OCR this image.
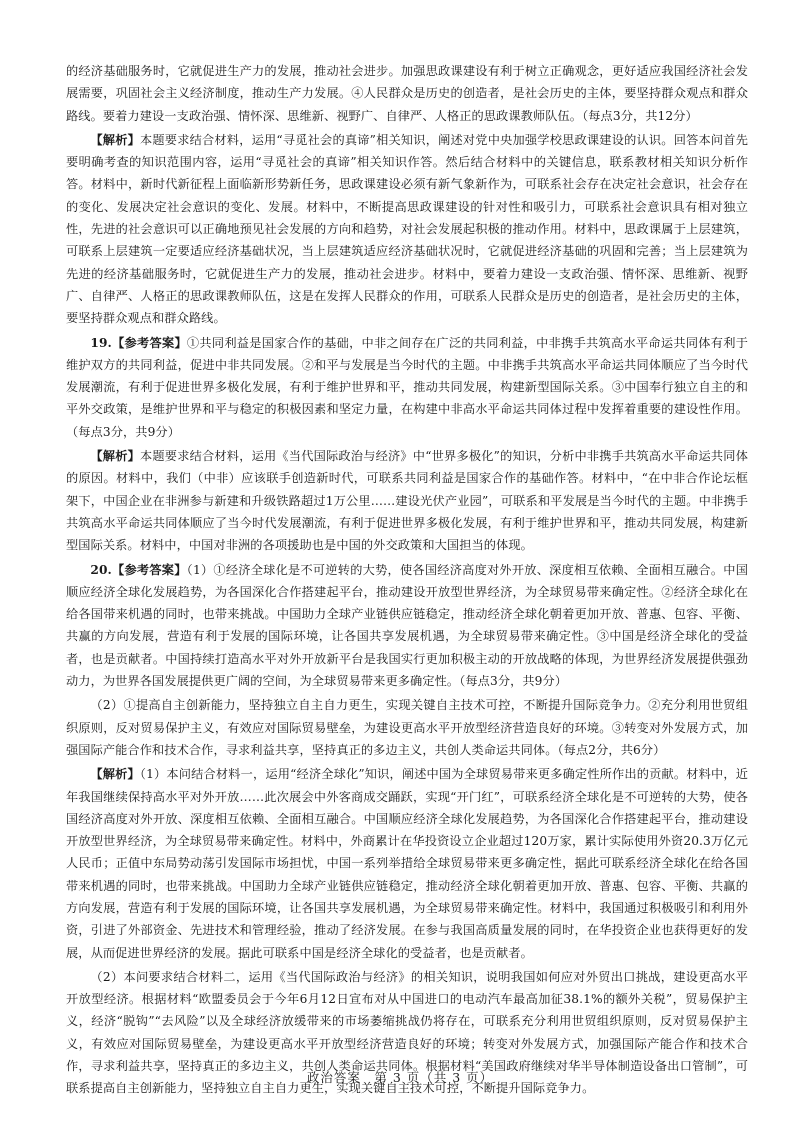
的经济基础服务时，它就促进生产力的发展，推动社会进步。加强思政课建设有利于树立正确观念，更好适应我国经济社会发展需要，巩固社会主义经济制度，推动生产力发展。④人民群众是历史的创造者，是社会历史的主体，要坚持群众观点和群众路线。要着力建设一支政治强、情怀深、思维新、视野广、自律严、人格正的思政课教师队伍。（每点3分，共12分）

【解析】本题要求结合材料，运用“寻觅社会的真谛”相关知识，阐述对党中央加强学校思政课建设的认识。回答本问首先要明确考查的知识范围内容，运用“寻觅社会的真谛”相关知识作答。然后结合材料中的关键信息，联系教材相关知识分析作答。材料中，新时代新征程上面临新形势新任务，思政课建设必须有新气象新作为，可联系社会存在决定社会意识，社会存在的变化、发展决定社会意识的变化、发展。材料中，不断提高思政课建设的针对性和吸引力，可联系社会意识具有相对独立性，先进的社会意识可以正确地预见社会发展的方向和趋势，对社会发展起积极的推动作用。材料中，思政课属于上层建筑，可联系上层建筑一定要适应经济基础状况，当上层建筑适应经济基础状况时，它就促进经济基础的巩固和完善；当上层建筑为先进的经济基础服务时，它就促进生产力的发展，推动社会进步。材料中，要着力建设一支政治强、情怀深、思维新、视野广、自律严、人格正的思政课教师队伍，这是在发挥人民群众的作用，可联系人民群众是历史的创造者，是社会历史的主体，要坚持群众观点和群众路线。

19.【参考答案】①共同利益是国家合作的基础，中非之间存在广泛的共同利益，中非携手共筑高水平命运共同体有利于维护双方的共同利益，促进中非共同发展。②和平与发展是当今时代的主题。中非携手共筑高水平命运共同体顺应了当今时代发展潮流，有利于促进世界多极化发展，有利于维护世界和平，推动共同发展，构建新型国际关系。③中国奉行独立自主的和平外交政策，是维护世界和平与稳定的积极因素和坚定力量，在构建中非高水平命运共同体过程中发挥着重要的建设性作用。（每点3分，共9分）

【解析】本题要求结合材料，运用《当代国际政治与经济》中“世界多极化”的知识，分析中非携手共筑高水平命运共同体的原因。材料中，我们（中非）应该联手创造新时代，可联系共同利益是国家合作的基础作答。材料中，“在中非合作论坛框架下，中国企业在非洲参与新建和升级铁路超过1万公里……建设光伏产业园”，可联系和平发展是当今时代的主题。中非携手共筑高水平命运共同体顺应了当今时代发展潮流，有利于促进世界多极化发展，有利于维护世界和平，推动共同发展，构建新型国际关系。材料中，中国对非洲的各项援助也是中国的外交政策和大国担当的体现。

20.【参考答案】（1）①经济全球化是不可逆转的大势，使各国经济高度对外开放、深度相互依赖、全面相互融合。中国顺应经济全球化发展趋势，为各国深化合作搭建起平台，推动建设开放型世界经济，为全球贸易带来确定性。②经济全球化在给各国带来机遇的同时，也带来挑战。中国助力全球产业链供应链稳定，推动经济全球化朝着更加开放、普惠、包容、平衡、共赢的方向发展，营造有利于发展的国际环境，让各国共享发展机遇，为全球贸易带来确定性。③中国是经济全球化的受益者，也是贡献者。中国持续打造高水平对外开放新平台是我国实行更加积极主动的开放战略的体现，为世界经济发展提供强劲动力，为世界各国发展提供更广阔的空间，为全球贸易带来更多确定性。（每点3分，共9分）

（2）①提高自主创新能力，坚持独立自主自力更生，实现关键自主技术可控，不断提升国际竞争力。②充分利用世贸组织原则，反对贸易保护主义，有效应对国际贸易壁垒，为建设更高水平开放型经济营造良好的环境。③转变对外发展方式，加强国际产能合作和技术合作，寻求利益共享，坚持真正的多边主义，共创人类命运共同体。（每点2分，共6分）

【解析】（1）本问结合材料一，运用“经济全球化”知识，阐述中国为全球贸易带来更多确定性所作出的贡献。材料中，近年我国继续保持高水平对外开放……此次展会中外客商成交踊跃，实现“开门红”，可联系经济全球化是不可逆转的大势，使各国经济高度对外开放、深度相互依赖、全面相互融合。中国顺应经济全球化发展趋势，为各国深化合作搭建起平台，推动建设开放型世界经济，为全球贸易带来确定性。材料中，外商累计在华投资设立企业超过120万家，累计实际使用外资20.3万亿元人民币；正值中东局势动荡引发国际市场担忧，中国一系列举措给全球贸易带来更多确定性，据此可联系经济全球化在给各国带来机遇的同时，也带来挑战。中国助力全球产业链供应链稳定，推动经济全球化朝着更加开放、普惠、包容、平衡、共赢的方向发展，营造有利于发展的国际环境，让各国共享发展机遇，为全球贸易带来确定性。材料中，我国通过积极吸引和利用外资，引进了外部资金、先进技术和管理经验，推动了经济发展。在参与我国高质量发展的同时，在华投资企业也获得更好的发展，从而促进世界经济的发展。据此可联系中国是经济全球化的受益者，也是贡献者。

（2）本问要求结合材料二，运用《当代国际政治与经济》的相关知识，说明我国如何应对外贸出口挑战，建设更高水平开放型经济。根据材料“欧盟委员会于今年6月12日宣布对从中国进口的电动汽车最高加征38.1%的额外关税”，贸易保护主义，经济“脱钩”“去风险”以及全球经济放缓带来的市场萎缩挑战仍将存在，可联系充分利用世贸组织原则，反对贸易保护主义，有效应对国际贸易壁垒，为建设更高水平开放型经济营造良好的环境；转变对外发展方式，加强国际产能合作和技术合作，寻求利益共享，坚持真正的多边主义，共创人类命运共同体。根据材料“美国政府继续对华半导体制造设备出口管制”，可联系提高自主创新能力，坚持独立自主自力更生，实现关键自主技术可控，不断提升国际竞争力。

政治答案　第 3 页（共 3 页）
